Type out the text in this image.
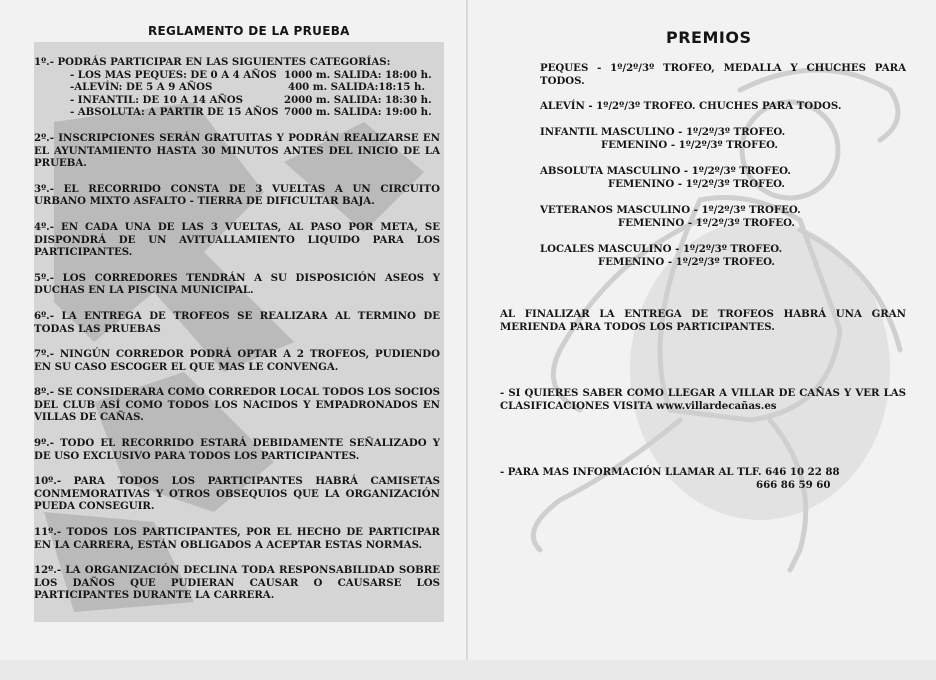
REGLAMENTO DE LA PRUEBA
1º.- PODRÁS PARTICIPAR EN LAS SIGUIENTES CATEGORÍAS:
- LOS MAS PEQUES: DE 0 A 4 AÑOS 1000 m. SALIDA: 18:00 h.
-ALEVÍN: DE 5 A 9 AÑOS	400 m. SALIDA:18:15 h.
- INFANTIL: DE 10 A 14 AÑOS	2000 m. SALIDA: 18:30 h.
- ABSOLUTA: A PARTIR DE 15 AÑOS 7000 m. SALIDA: 19:00 h.
2º.- INSCRIPCIONES SERÁN GRATUITAS Y PODRÁN REALIZARSE EN EL AYUNTAMIENTO HASTA 30 MINUTOS ANTES DEL INICIO DE LA PRUEBA.
3º.- EL RECORRIDO CONSTA DE 3 VUELTAS A UN CIRCUITO URBANO MIXTO ASFALTO - TIERRA DE DIFICULTAR BAJA.
4º.- EN CADA UNA DE LAS 3 VUELTAS, AL PASO POR META, SE DISPONDRÁ DE UN AVITUALLAMIENTO LIQUIDO PARA LOS PARTICIPANTES.
5º.- LOS CORREDORES TENDRÁN A SU DISPOSICIÓN ASEOS Y DUCHAS EN LA PISCINA MUNICIPAL.
6º.- LA ENTREGA DE TROFEOS SE REALIZARA AL TERMINO DE TODAS LAS PRUEBAS
7º.- NINGÚN CORREDOR PODRÁ OPTAR A 2 TROFEOS, PUDIENDO EN SU CASO ESCOGER EL QUE MAS LE CONVENGA.
8º.- SE CONSIDERARA COMO CORREDOR LOCAL TODOS LOS SOCIOS DEL CLUB ASÍ COMO TODOS LOS NACIDOS Y EMPADRONADOS EN VILLAS DE CAÑAS.
9º.- TODO EL RECORRIDO ESTARÁ DEBIDAMENTE SEÑALIZADO Y DE USO EXCLUSIVO PARA TODOS LOS PARTICIPANTES.
10º.- PARA TODOS LOS PARTICIPANTES HABRÁ CAMISETAS CONMEMORATIVAS Y OTROS OBSEQUIOS QUE LA ORGANIZACIÓN PUEDA CONSEGUIR.
11º.- TODOS LOS PARTICIPANTES, POR EL HECHO DE PARTICIPAR EN LA CARRERA, ESTÁN OBLIGADOS A ACEPTAR ESTAS NORMAS.
12º.- LA ORGANIZACIÓN DECLINA TODA RESPONSABILIDAD SOBRE LOS DAÑOS QUE PUDIERAN CAUSAR O CAUSARSE LOS PARTICIPANTES DURANTE LA CARRERA.
PREMIOS
PEQUES - 1º/2º/3º TROFEO, MEDALLA Y CHUCHES PARA TODOS.
ALEVÍN - 1º/2º/3º TROFEO. CHUCHES PARA TODOS.
INFANTIL MASCULINO - 1º/2º/3º TROFEO.
FEMENINO - 1º/2º/3º TROFEO.
ABSOLUTA MASCULINO - 1º/2º/3º TROFEO.
FEMENINO - 1º/2º/3º TROFEO.
VETERANOS MASCULINO - 1º/2º/3º TROFEO.
FEMENINO - 1º/2º/3º TROFEO.
LOCALES MASCULINO - 1º/2º/3º TROFEO.
FEMENINO - 1º/2º/3º TROFEO.
AL FINALIZAR LA ENTREGA DE TROFEOS HABRÁ UNA GRAN MERIENDA PARA TODOS LOS PARTICIPANTES.
- SI QUIERES SABER COMO LLEGAR A VILLAR DE CAÑAS Y VER LAS CLASIFICACIONES VISITA www.villardecañas.es
- PARA MAS INFORMACIÓN LLAMAR AL TLF. 646 10 22 88
666 86 59 60
